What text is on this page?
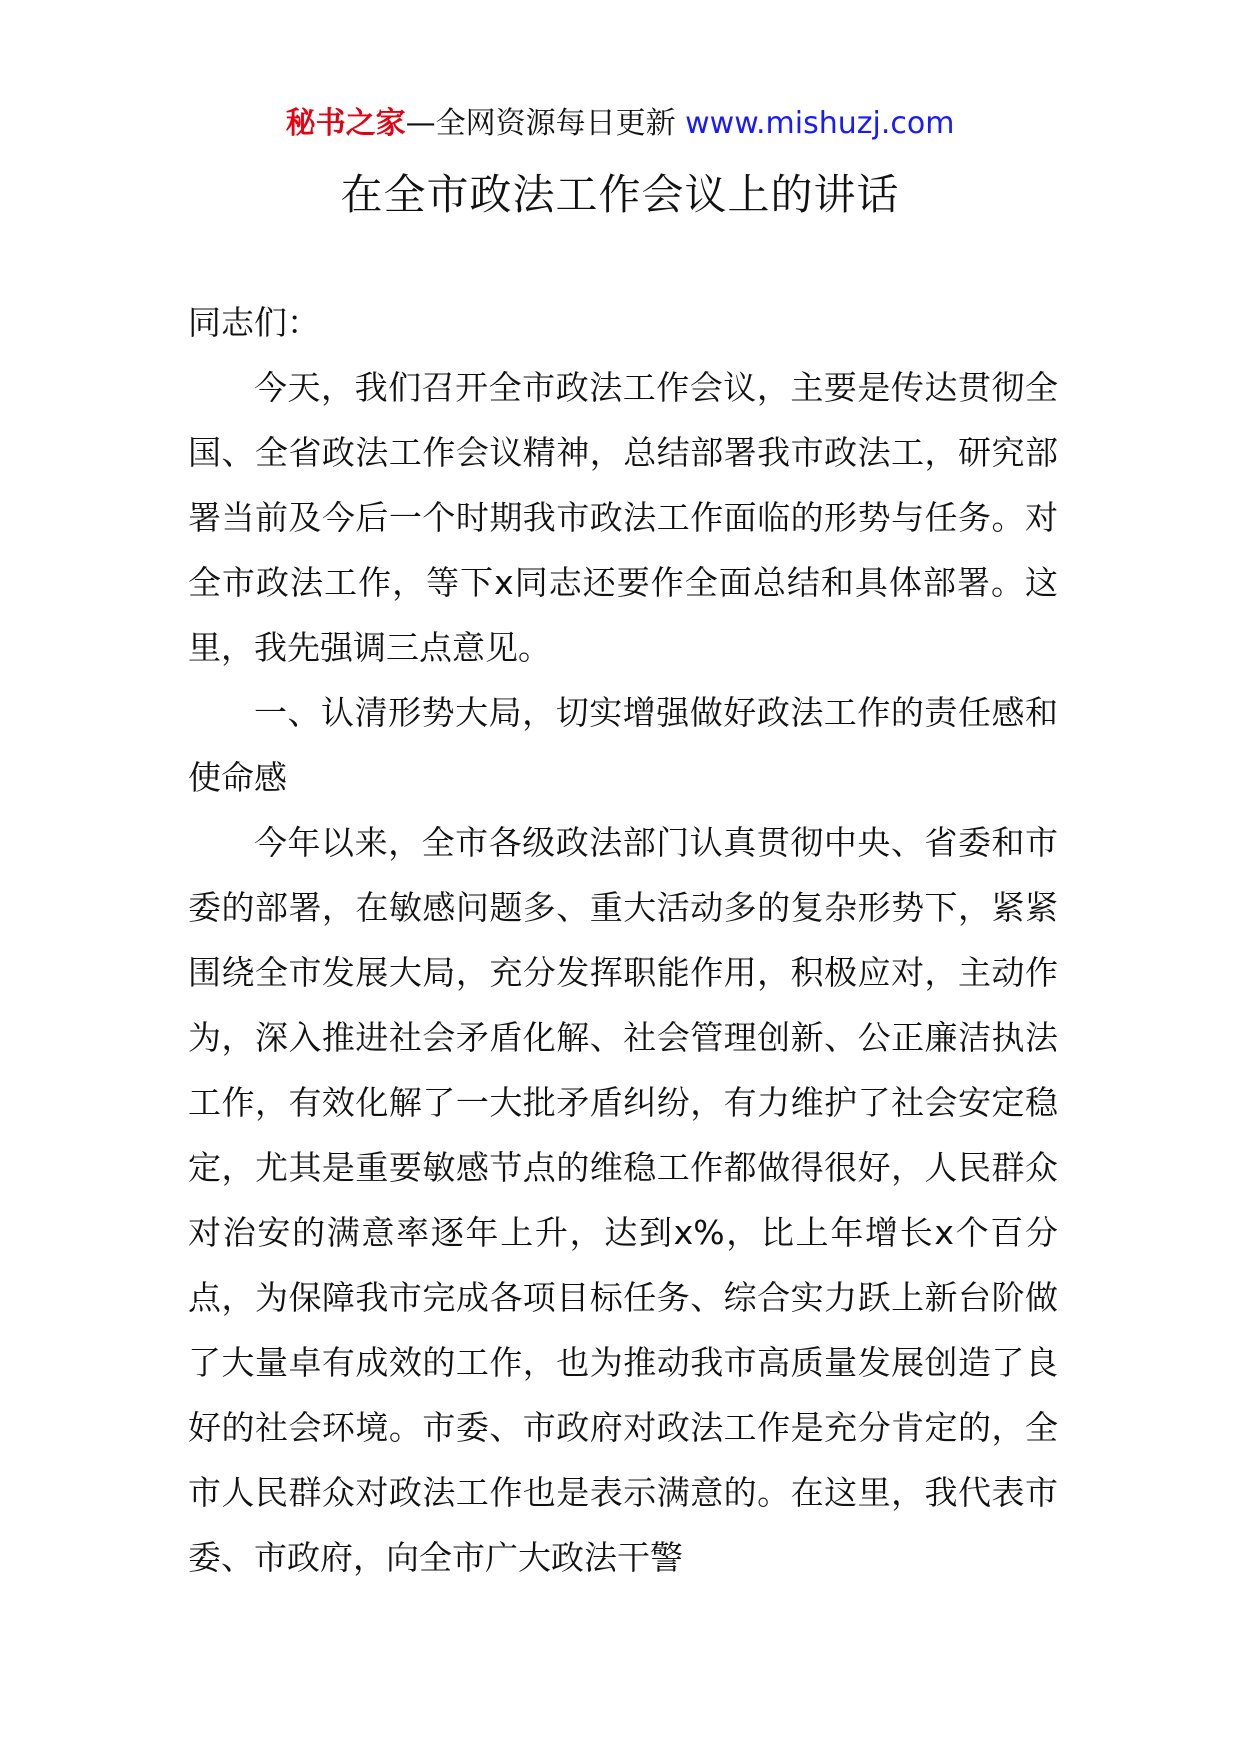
秘书之家—全网资源每日更新 www.mishuzj.com
在全市政法工作会议上的讲话

同志们：

今天，我们召开全市政法工作会议，主要是传达贯彻全国、全省政法工作会议精神，总结部署我市政法工，研究部署当前及今后一个时期我市政法工作面临的形势与任务。对全市政法工作，等下x同志还要作全面总结和具体部署。这里，我先强调三点意见。

一、认清形势大局，切实增强做好政法工作的责任感和使命感

今年以来，全市各级政法部门认真贯彻中央、省委和市委的部署，在敏感问题多、重大活动多的复杂形势下，紧紧围绕全市发展大局，充分发挥职能作用，积极应对，主动作为，深入推进社会矛盾化解、社会管理创新、公正廉洁执法工作，有效化解了一大批矛盾纠纷，有力维护了社会安定稳定，尤其是重要敏感节点的维稳工作都做得很好，人民群众对治安的满意率逐年上升，达到x%，比上年增长x个百分点，为保障我市完成各项目标任务、综合实力跃上新台阶做了大量卓有成效的工作，也为推动我市高质量发展创造了良好的社会环境。市委、市政府对政法工作是充分肯定的，全市人民群众对政法工作也是表示满意的。在这里，我代表市委、市政府，向全市广大政法干警
